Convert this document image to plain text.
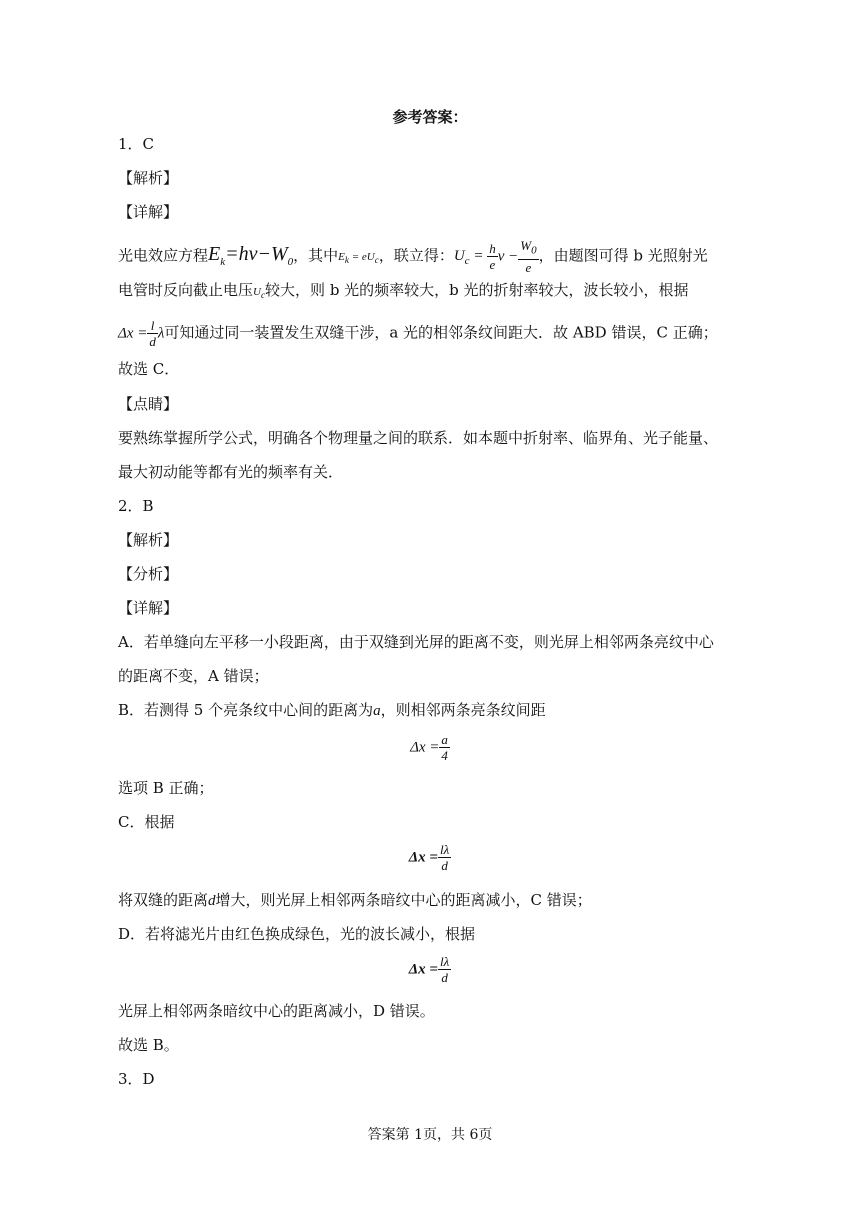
参考答案：
1．C
【解析】
【详解】
光电效应方程$E_k=h\nu-W_0$，其中$E_k = eU_c$，联立得：$U_c = \frac{h}{e}$ $\nu - \frac{W_0}{e}$ ，由题图可得 b 光照射光
电管时反向截止电压$U_c$较大，则 b 光的频率较大，b 光的折射率较大，波长较小，根据
$\Delta x = \frac{l}{d}$ λ可知通过同一装置发生双缝干涉，a 光的相邻条纹间距大．故 ABD 错误，C 正确；
故选 C．
【点睛】
要熟练掌握所学公式，明确各个物理量之间的联系．如本题中折射率、临界角、光子能量、
最大初动能等都有光的频率有关．
2．B
【解析】
【分析】
【详解】
A．若单缝向左平移一小段距离，由于双缝到光屏的距离不变，则光屏上相邻两条亮纹中心
的距离不变，A 错误；
B．若测得 5 个亮条纹中心间的距离为a，则相邻两条亮条纹间距
$\Delta x = \frac{a}{4}$
选项 B 正确；
C．根据
$\Delta x = \frac{l\lambda}{d}$
将双缝的距离d增大，则光屏上相邻两条暗纹中心的距离减小，C 错误；
D．若将滤光片由红色换成绿色，光的波长减小，根据
$\Delta x = \frac{l\lambda}{d}$
光屏上相邻两条暗纹中心的距离减小，D 错误。
故选 B。
3．D
答案第 1页，共 6页
